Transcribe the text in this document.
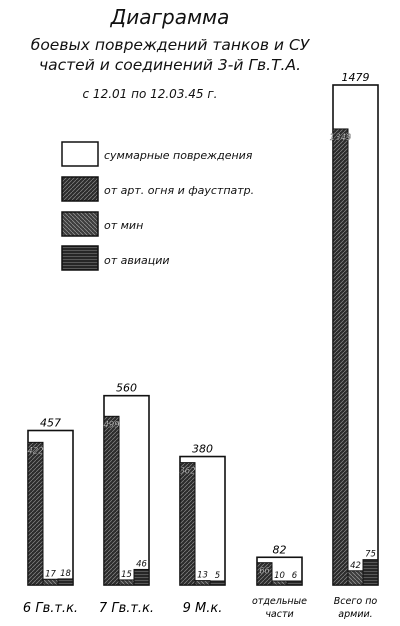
Диаграмма
боевых повреждений танков и СУ
частей и соединений 3-й Гв.Т.А.
с 12.01 по 12.03.45 г.
суммарные повреждения
от арт. огня и фаустпатр.
от мин
от авиации
457
422
17 18
560
499
15
46
380
362
13 5
82
66 10 6
1479
1349
42
75
6 Гв.т.к. 7 Гв.т.к. 9 М.к.	отдельные части
Всего по армии.
